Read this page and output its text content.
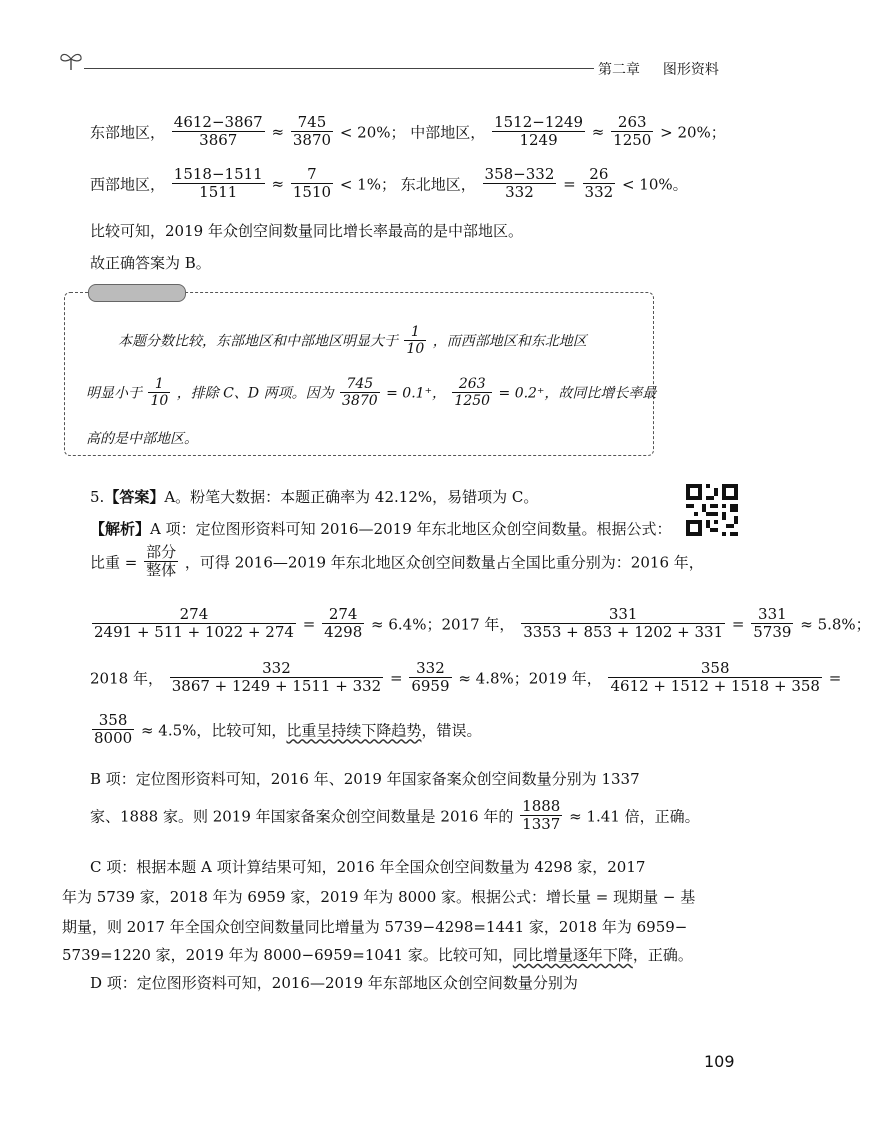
第二章 图形资料
东部地区， $\frac{4612-3867}{3867} \approx \frac{745}{3870} < 20\%$； 中部地区， $\frac{1512-1249}{1249} \approx \frac{263}{1250} > 20\%$；
西部地区， $\frac{1518-1511}{1511} \approx \frac{7}{1510} < 1\%$； 东北地区， $\frac{358-332}{332} = \frac{26}{332} < 10\%$。
比较可知，2019 年众创空间数量同比增长率最高的是中部地区。
故正确答案为 B。
本题分数比较，东部地区和中部地区明显大于 $\frac{1}{10}$ ，而西部地区和东北地区
明显小于 $\frac{1}{10}$ ，排除 C、D 两项。因为 $\frac{745}{3870} = 0.1^+$， $\frac{263}{1250} = 0.2^+$，故同比增长率最
高的是中部地区。
5.【答案】A。粉笔大数据：本题正确率为 42.12%，易错项为 C。
【解析】A 项：定位图形资料可知 2016—2019 年东北地区众创空间数量。根据公式：
比重 = $\frac{\text{部分}}{\text{整体}}$ ，可得 2016—2019 年东北地区众创空间数量占全国比重分别为：2016 年，
$\frac{274}{2491 + 511 + 1022 + 274} = \frac{274}{4298} \approx 6.4\%$；2017 年， $\frac{331}{3353 + 853 + 1202 + 331} = \frac{331}{5739} \approx 5.8\%$；
2018 年， $\frac{332}{3867 + 1249 + 1511 + 332} = \frac{332}{6959} \approx 4.8\%$；2019 年， $\frac{358}{4612 + 1512 + 1518 + 358}$ =
$\frac{358}{8000} \approx 4.5\%$，比较可知，比重呈持续下降趋势，错误。
B 项：定位图形资料可知，2016 年、2019 年国家备案众创空间数量分别为 1337
家、1888 家。则 2019 年国家备案众创空间数量是 2016 年的 $\frac{1888}{1337} \approx 1.41$ 倍，正确。
C 项：根据本题 A 项计算结果可知，2016 年全国众创空间数量为 4298 家，2017
年为 5739 家，2018 年为 6959 家，2019 年为 8000 家。根据公式：增长量 = 现期量 − 基
期量，则 2017 年全国众创空间数量同比增量为 5739−4298=1441 家，2018 年为 6959−
5739=1220 家，2019 年为 8000−6959=1041 家。比较可知，同比增量逐年下降，正确。
D 项：定位图形资料可知，2016—2019 年东部地区众创空间数量分别为
109
